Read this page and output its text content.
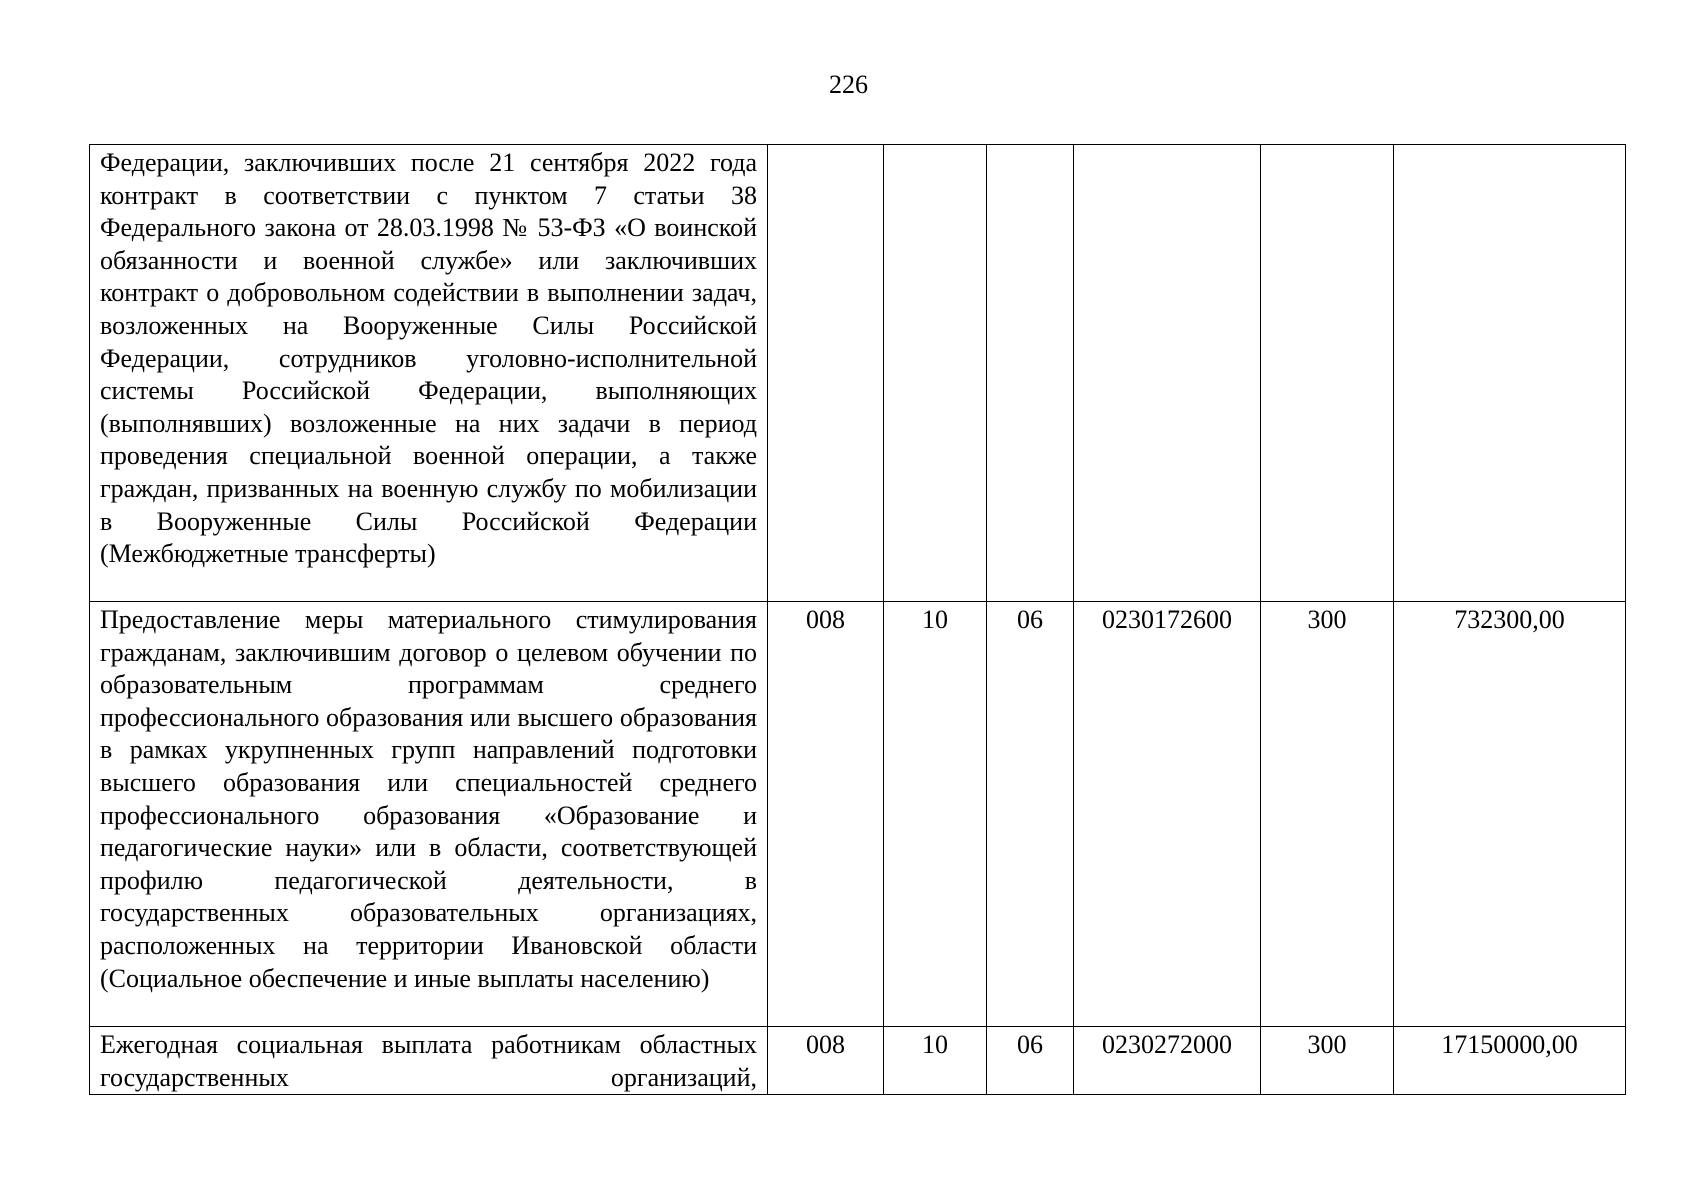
226
Федерации, заключивших после 21 сентября 2022 года контракт в соответствии с пунктом 7 статьи 38 Федерального закона от 28.03.1998 № 53-ФЗ «О воинской обязанности и военной службе» или заключивших контракт о добровольном содействии в выполнении задач, возложенных на Вооруженные Силы Российской Федерации, сотрудников уголовно-исполнительной системы Российской Федерации, выполняющих (выполнявших) возложенные на них задачи в период проведения специальной военной операции, а также граждан, призванных на военную службу по мобилизации в Вооруженные Силы Российской Федерации (Межбюджетные трансферты)						
Предоставление меры материального стимулирования гражданам, заключившим договор о целевом обучении по образовательным программам среднего профессионального образования или высшего образования в рамках укрупненных групп направлений подготовки высшего образования или специальностей среднего профессионального образования «Образование и педагогические науки» или в области, соответствующей профилю педагогической деятельности, в государственных образовательных организациях, расположенных на территории Ивановской области (Социальное обеспечение и иные выплаты населению)	008	10	06	0230172600	300	732300,00
Ежегодная социальная выплата работникам областных государственных организаций,	008	10	06	0230272000	300	17150000,00
